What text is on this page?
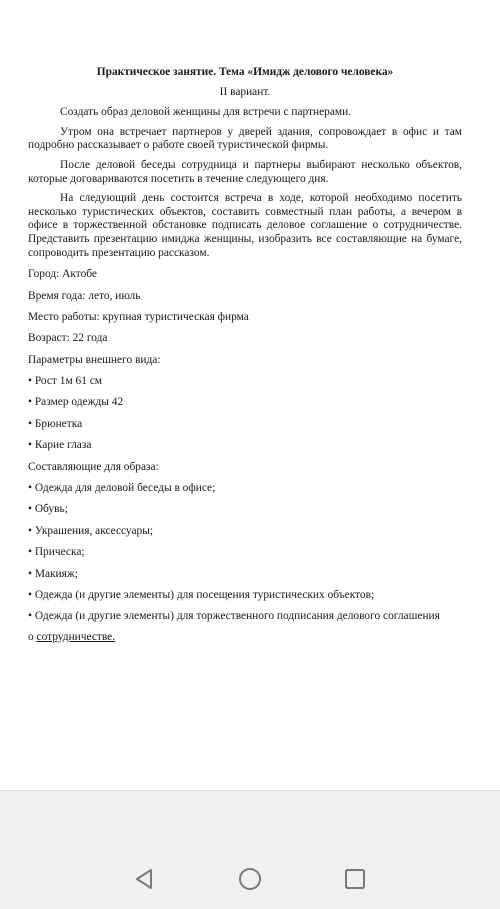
Практическое занятие. Тема «Имидж делового человека»

II вариант.

Создать образ деловой женщины для встречи с партнерами.

Утром она встречает партнеров у дверей здания, сопровождает в офис и там подробно рассказывает о работе своей туристической фирмы.

После деловой беседы сотрудница и партнеры выбирают несколько объектов, которые договариваются посетить в течение следующего дня.

На следующий день состоится встреча в ходе, которой необходимо посетить несколько туристических объектов, составить совместный план работы, а вечером в офисе в торжественной обстановке подписать деловое соглашение о сотрудничестве. Представить презентацию имиджа женщины, изобразить все составляющие на бумаге, сопроводить презентацию рассказом.

Город: Актобе

Время года: лето, июль

Место работы: крупная туристическая фирма

Возраст: 22 года

Параметры внешнего вида:

• Рост 1м 61 см

• Размер одежды 42

• Брюнетка

• Карие глаза

Составляющие для образа:

• Одежда для деловой беседы в офисе;

• Обувь;

• Украшения, аксессуары;

• Прическа;

• Макияж;

• Одежда (и другие элементы) для посещения туристических объектов;

• Одежда (и другие элементы) для торжественного подписания делового соглашения

о сотрудничестве.
